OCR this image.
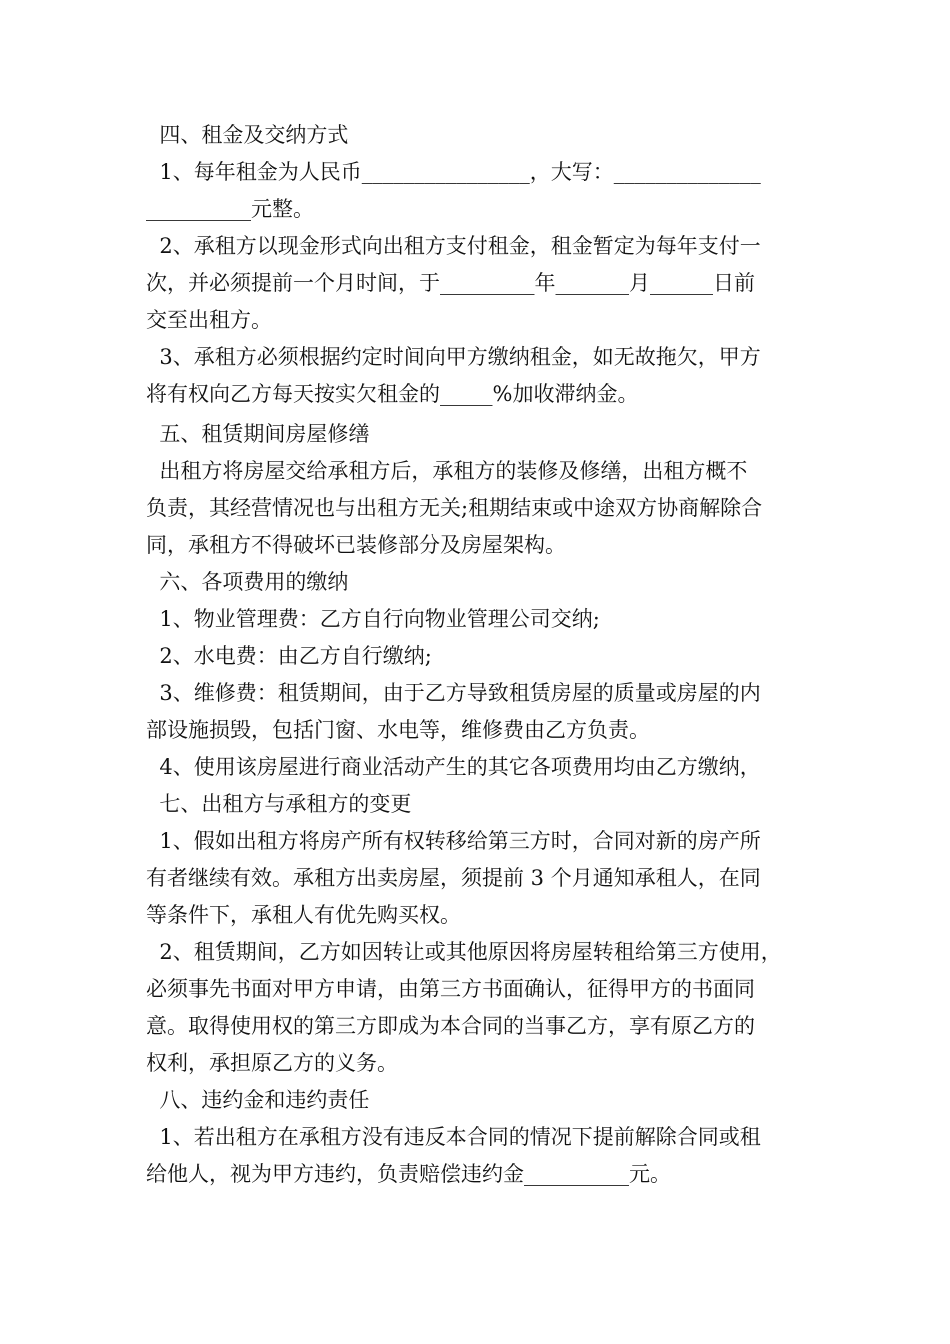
四、租金及交纳方式
1、每年租金为人民币________________，大写：______________
__________元整。
2、承租方以现金形式向出租方支付租金，租金暂定为每年支付一
次，并必须提前一个月时间，于_________年_______月______日前
交至出租方。
3、承租方必须根据约定时间向甲方缴纳租金，如无故拖欠，甲方
将有权向乙方每天按实欠租金的_____%加收滞纳金。
五、租赁期间房屋修缮
出租方将房屋交给承租方后，承租方的装修及修缮，出租方概不
负责，其经营情况也与出租方无关;租期结束或中途双方协商解除合
同，承租方不得破坏已装修部分及房屋架构。
六、各项费用的缴纳
1、物业管理费：乙方自行向物业管理公司交纳;
2、水电费：由乙方自行缴纳;
3、维修费：租赁期间，由于乙方导致租赁房屋的质量或房屋的内
部设施损毁，包括门窗、水电等，维修费由乙方负责。
4、使用该房屋进行商业活动产生的其它各项费用均由乙方缴纳，
七、出租方与承租方的变更
1、假如出租方将房产所有权转移给第三方时，合同对新的房产所
有者继续有效。承租方出卖房屋，须提前 3 个月通知承租人，在同
等条件下，承租人有优先购买权。
2、租赁期间，乙方如因转让或其他原因将房屋转租给第三方使用，
必须事先书面对甲方申请，由第三方书面确认，征得甲方的书面同
意。取得使用权的第三方即成为本合同的当事乙方，享有原乙方的
权利，承担原乙方的义务。
八、违约金和违约责任
1、若出租方在承租方没有违反本合同的情况下提前解除合同或租
给他人，视为甲方违约，负责赔偿违约金__________元。
